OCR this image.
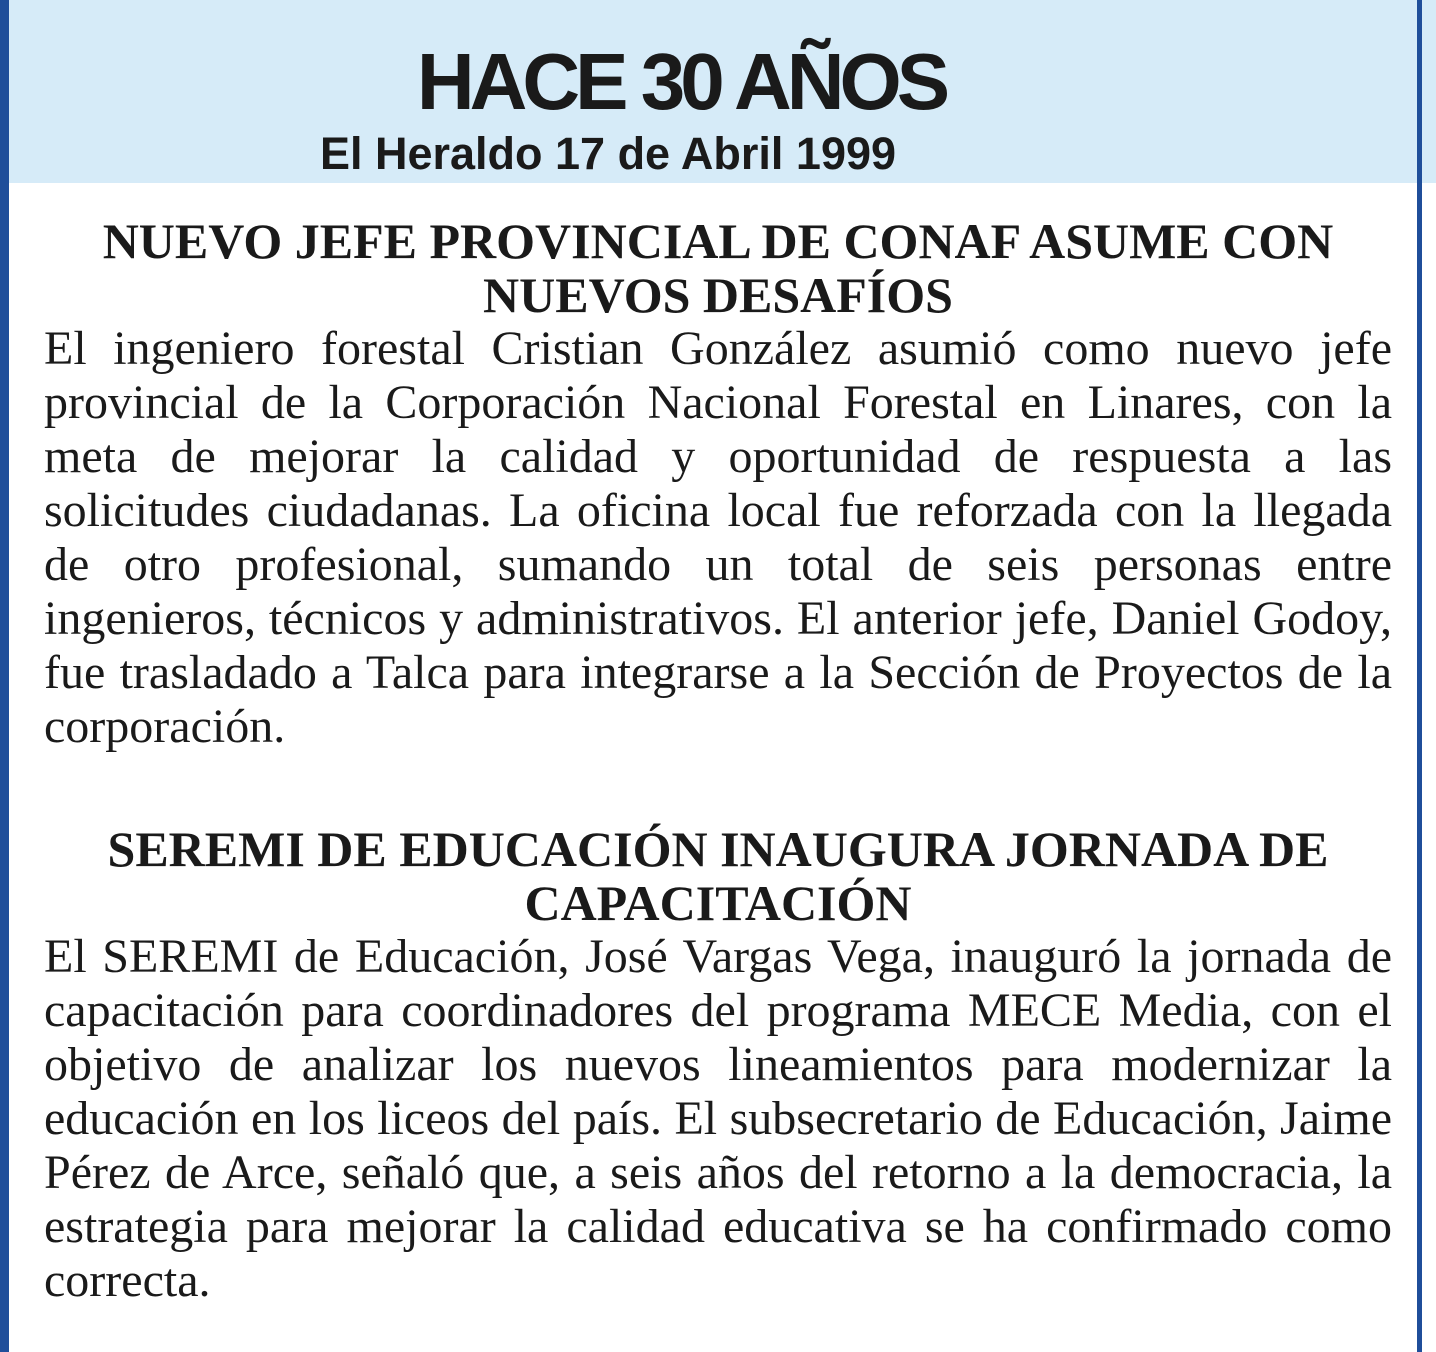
HACE 30 AÑOS
El Heraldo 17 de Abril 1999
NUEVO JEFE PROVINCIAL DE CONAF ASUME CON NUEVOS DESAFÍOS

El ingeniero forestal Cristian González asumió como nuevo jefe provincial de la Corporación Nacional Forestal en Linares, con la meta de mejorar la calidad y oportunidad de respuesta a las solicitudes ciudadanas. La oficina local fue reforzada con la llegada de otro profesional, sumando un total de seis personas entre ingenieros, técnicos y administrativos. El anterior jefe, Daniel Godoy, fue trasladado a Talca para integrarse a la Sección de Proyectos de la corporación.

SEREMI DE EDUCACIÓN INAUGURA JORNADA DE CAPACITACIÓN

El SEREMI de Educación, José Vargas Vega, inauguró la jornada de capacitación para coordinadores del programa MECE Media, con el objetivo de analizar los nuevos lineamientos para modernizar la educación en los liceos del país. El subsecretario de Educación, Jaime Pérez de Arce, señaló que, a seis años del retorno a la democracia, la estrategia para mejorar la calidad educativa se ha confirmado como correcta.
